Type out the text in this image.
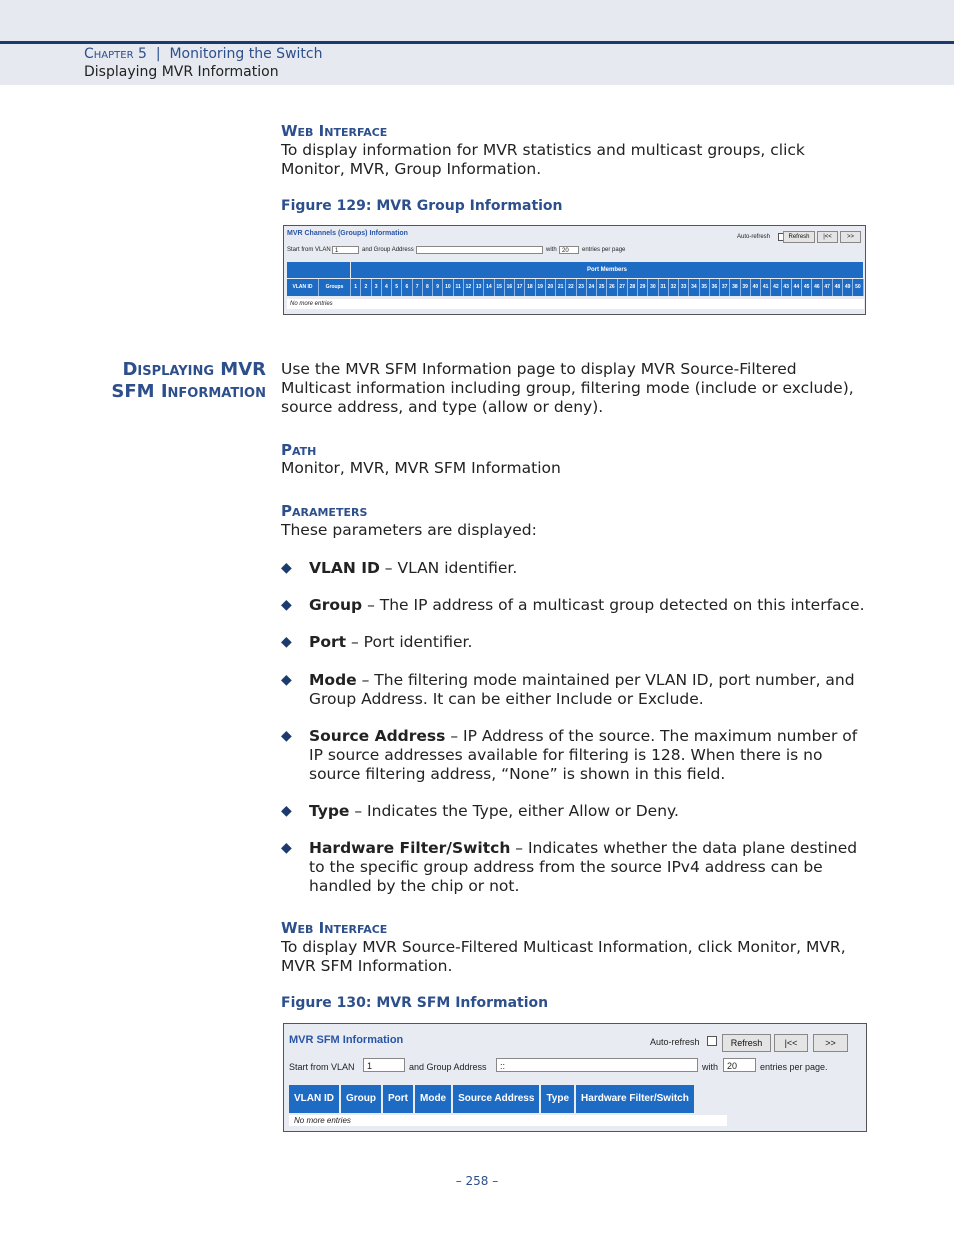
Chapter 5 | Monitoring the Switch
Displaying MVR Information
Web Interface
To display information for MVR statistics and multicast groups, click Monitor, MVR, Group Information.
Figure 129: MVR Group Information
MVR Channels (Groups) Information	Auto-refresh	Refresh	|<<	>>
Start from VLAN 1	and Group Address	with 20	entries per page
Port Members
VLAN ID	Groups	1	2	3	4	5	6	7	8	9	10 11 12 13 14 15 16 17 18 19 20 21 22 23 24 25 26 27 28 29 30 31 32 33 34 35 36 37 38 39 40 41 42 43 44 45 46 47 48 49 50
No more entries
Displaying MVR
SFM Information
Use the MVR SFM Information page to display MVR Source-Filtered Multicast information including group, filtering mode (include or exclude), source address, and type (allow or deny).
Path
Monitor, MVR, MVR SFM Information
Parameters
These parameters are displayed:
◆ VLAN ID – VLAN identifier.
◆ Group – The IP address of a multicast group detected on this interface.
◆ Port – Port identifier.
◆ Mode – The filtering mode maintained per VLAN ID, port number, and Group Address. It can be either Include or Exclude.
◆ Source Address – IP Address of the source. The maximum number of IP source addresses available for filtering is 128. When there is no source filtering address, “None” is shown in this field.
◆ Type – Indicates the Type, either Allow or Deny.
◆ Hardware Filter/Switch – Indicates whether the data plane destined to the specific group address from the source IPv4 address can be handled by the chip or not.
Web Interface
To display MVR Source-Filtered Multicast Information, click Monitor, MVR, MVR SFM Information.
Figure 130: MVR SFM Information
MVR SFM Information	Auto-refresh	Refresh	|<<	>>
Start from VLAN	1	and Group Address	::	with 20	entries per page.
VLAN ID	Group	Port	Mode	Source Address	Type	Hardware Filter/Switch
No more entries
– 258 –
